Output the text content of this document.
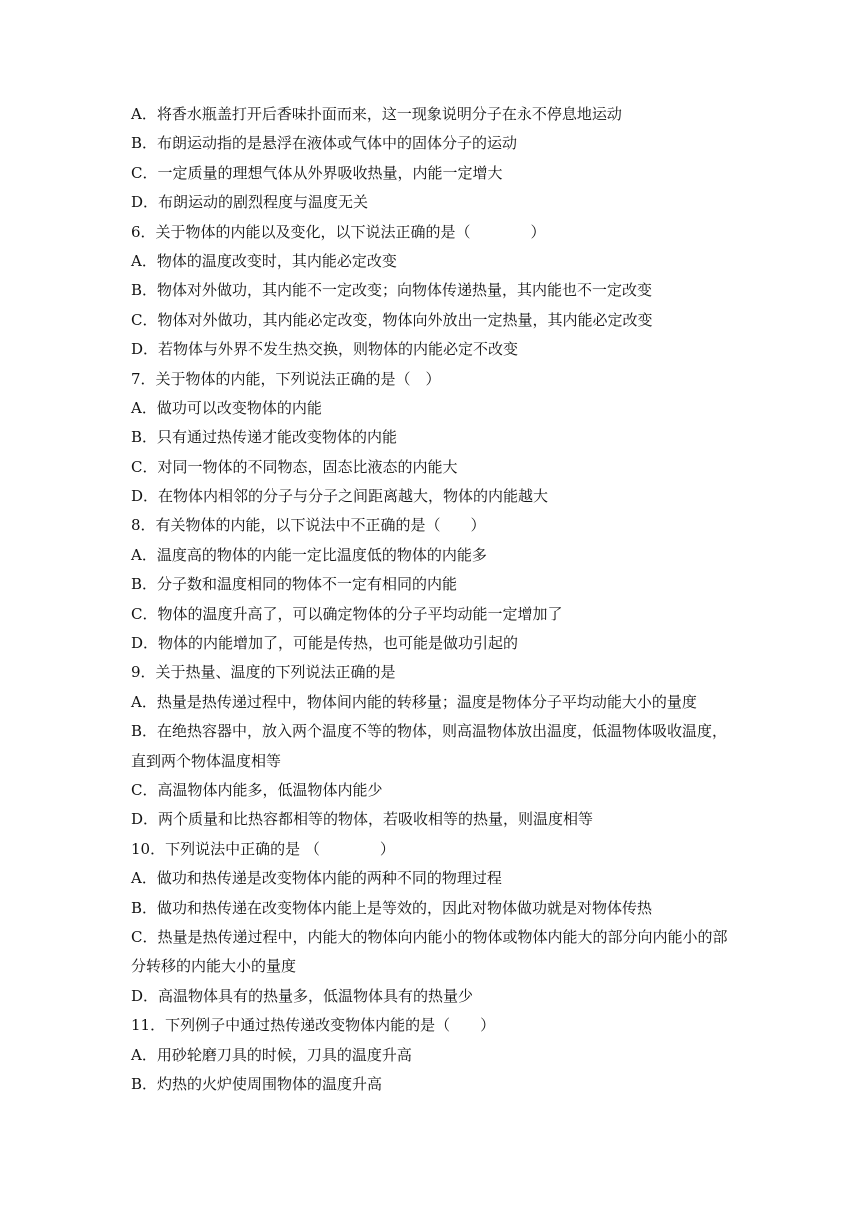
A．将香水瓶盖打开后香味扑面而来，这一现象说明分子在永不停息地运动
B．布朗运动指的是悬浮在液体或气体中的固体分子的运动
C．一定质量的理想气体从外界吸收热量，内能一定增大
D．布朗运动的剧烈程度与温度无关
6．关于物体的内能以及变化，以下说法正确的是（　　　　）
A．物体的温度改变时，其内能必定改变
B．物体对外做功，其内能不一定改变；向物体传递热量，其内能也不一定改变
C．物体对外做功，其内能必定改变，物体向外放出一定热量，其内能必定改变
D．若物体与外界不发生热交换，则物体的内能必定不改变
7．关于物体的内能，下列说法正确的是（　）
A．做功可以改变物体的内能
B．只有通过热传递才能改变物体的内能
C．对同一物体的不同物态，固态比液态的内能大
D．在物体内相邻的分子与分子之间距离越大，物体的内能越大
8．有关物体的内能，以下说法中不正确的是（　　）
A．温度高的物体的内能一定比温度低的物体的内能多
B．分子数和温度相同的物体不一定有相同的内能
C．物体的温度升高了，可以确定物体的分子平均动能一定增加了
D．物体的内能增加了，可能是传热，也可能是做功引起的
9．关于热量、温度的下列说法正确的是
A．热量是热传递过程中，物体间内能的转移量；温度是物体分子平均动能大小的量度
B．在绝热容器中，放入两个温度不等的物体，则高温物体放出温度，低温物体吸收温度，
直到两个物体温度相等
C．高温物体内能多，低温物体内能少
D．两个质量和比热容都相等的物体，若吸收相等的热量，则温度相等
10．下列说法中正确的是 （　　　　）
A．做功和热传递是改变物体内能的两种不同的物理过程
B．做功和热传递在改变物体内能上是等效的，因此对物体做功就是对物体传热
C．热量是热传递过程中，内能大的物体向内能小的物体或物体内能大的部分向内能小的部
分转移的内能大小的量度
D．高温物体具有的热量多，低温物体具有的热量少
11．下列例子中通过热传递改变物体内能的是（　　）
A．用砂轮磨刀具的时候，刀具的温度升高
B．灼热的火炉使周围物体的温度升高
